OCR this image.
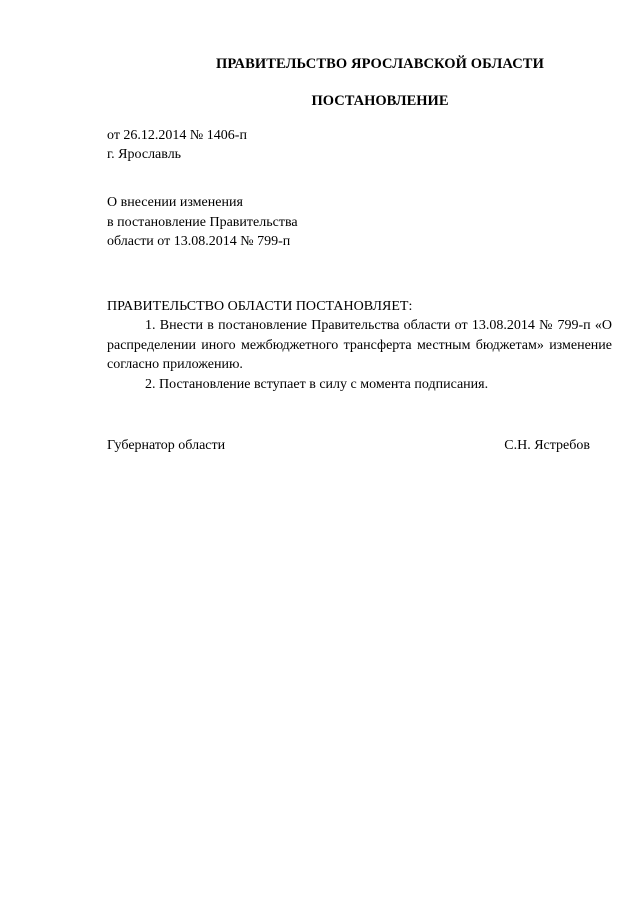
ПРАВИТЕЛЬСТВО ЯРОСЛАВСКОЙ ОБЛАСТИ
ПОСТАНОВЛЕНИЕ
от 26.12.2014 № 1406-п
г. Ярославль
О внесении изменения
в постановление Правительства
области от 13.08.2014 № 799-п
ПРАВИТЕЛЬСТВО ОБЛАСТИ ПОСТАНОВЛЯЕТ:

1. Внести в постановление Правительства области от 13.08.2014 № 799-п «О распределении иного межбюджетного трансферта местным бюджетам» изменение согласно приложению.

2. Постановление вступает в силу с момента подписания.

Губернатор области	С.Н. Ястребов
